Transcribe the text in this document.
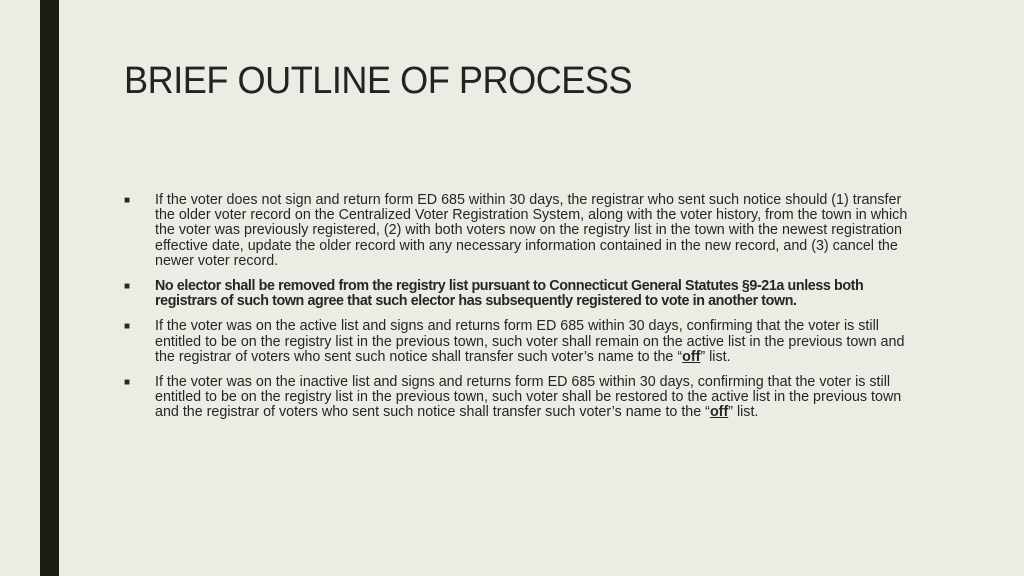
BRIEF OUTLINE OF PROCESS
■ If the voter does not sign and return form ED 685 within 30 days, the registrar who sent such notice should (1) transfer the older voter record on the Centralized Voter Registration System, along with the voter history, from the town in which the voter was previously registered, (2) with both voters now on the registry list in the town with the newest registration effective date, update the older record with any necessary information contained in the new record, and (3) cancel the newer voter record.
■ No elector shall be removed from the registry list pursuant to Connecticut General Statutes §9-21a unless both registrars of such town agree that such elector has subsequently registered to vote in another town.
■ If the voter was on the active list and signs and returns form ED 685 within 30 days, confirming that the voter is still entitled to be on the registry list in the previous town, such voter shall remain on the active list in the previous town and the registrar of voters who sent such notice shall transfer such voter’s name to the “off” list.
■ If the voter was on the inactive list and signs and returns form ED 685 within 30 days, confirming that the voter is still entitled to be on the registry list in the previous town, such voter shall be restored to the active list in the previous town and the registrar of voters who sent such notice shall transfer such voter’s name to the “off” list.
